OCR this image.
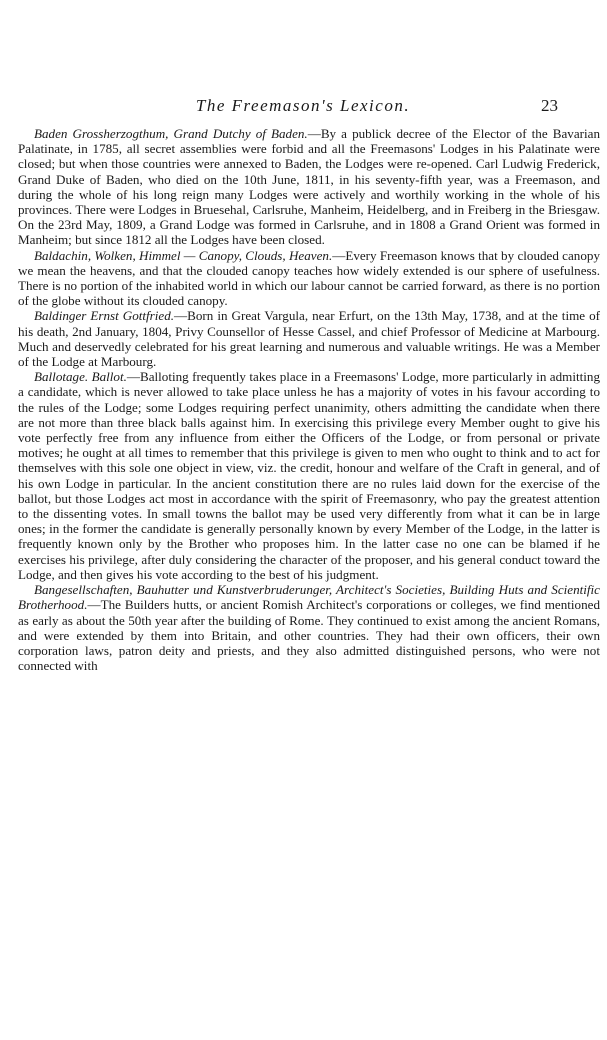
The Freemason's Lexicon.	23

Baden Grossherzogthum, Grand Dutchy of Baden.—By a publick decree of the Elector of the Bavarian Palatinate, in 1785, all secret assemblies were forbid and all the Freemasons' Lodges in his Palatinate were closed; but when those countries were annexed to Baden, the Lodges were re-opened. Carl Ludwig Frederick, Grand Duke of Baden, who died on the 10th June, 1811, in his seventy-fifth year, was a Freemason, and during the whole of his long reign many Lodges were actively and worthily working in the whole of his provinces. There were Lodges in Bruesehal, Carlsruhe, Manheim, Heidelberg, and in Freiberg in the Briesgaw. On the 23rd May, 1809, a Grand Lodge was formed in Carlsruhe, and in 1808 a Grand Orient was formed in Manheim; but since 1812 all the Lodges have been closed.

Baldachin, Wolken, Himmel — Canopy, Clouds, Heaven.—Every Freemason knows that by clouded canopy we mean the heavens, and that the clouded canopy teaches how widely extended is our sphere of usefulness. There is no portion of the inhabited world in which our labour cannot be carried forward, as there is no portion of the globe without its clouded canopy.

Baldinger Ernst Gottfried.—Born in Great Vargula, near Erfurt, on the 13th May, 1738, and at the time of his death, 2nd January, 1804, Privy Counsellor of Hesse Cassel, and chief Professor of Medicine at Marbourg. Much and deservedly celebrated for his great learning and numerous and valuable writings. He was a Member of the Lodge at Marbourg.

Ballotage. Ballot.—Balloting frequently takes place in a Freemasons' Lodge, more particularly in admitting a candidate, which is never allowed to take place unless he has a majority of votes in his favour according to the rules of the Lodge; some Lodges requiring perfect unanimity, others admitting the candidate when there are not more than three black balls against him. In exercising this privilege every Member ought to give his vote perfectly free from any influence from either the Officers of the Lodge, or from personal or private motives; he ought at all times to remember that this privilege is given to men who ought to think and to act for themselves with this sole one object in view, viz. the credit, honour and welfare of the Craft in general, and of his own Lodge in particular. In the ancient constitution there are no rules laid down for the exercise of the ballot, but those Lodges act most in accordance with the spirit of Freemasonry, who pay the greatest attention to the dissenting votes. In small towns the ballot may be used very differently from what it can be in large ones; in the former the candidate is generally personally known by every Member of the Lodge, in the latter is frequently known only by the Brother who proposes him. In the latter case no one can be blamed if he exercises his privilege, after duly considering the character of the proposer, and his general conduct toward the Lodge, and then gives his vote according to the best of his judgment.

Bangesellschaften, Bauhutter und Kunstverbruderunger, Architect's Societies, Building Huts and Scientific Brotherhood.—The Builders hutts, or ancient Romish Architect's corporations or colleges, we find mentioned as early as about the 50th year after the building of Rome. They continued to exist among the ancient Romans, and were extended by them into Britain, and other countries. They had their own officers, their own corporation laws, patron deity and priests, and they also admitted distinguished persons, who were not connected with
